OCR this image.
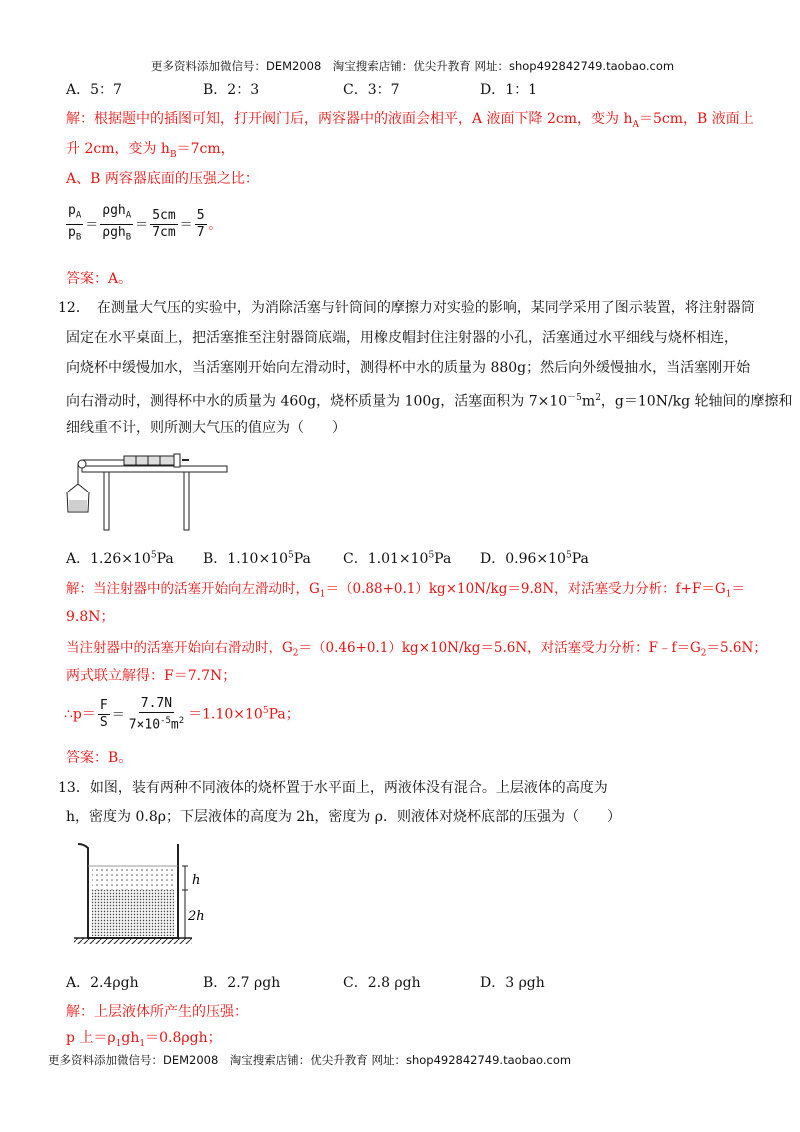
更多资料添加微信号：DEM2008　淘宝搜索店铺：优尖升教育 网址：shop492842749.taobao.com
A．5：7	B．2：3	C．3：7	D．1：1
解：根据题中的插图可知，打开阀门后，两容器中的液面会相平，A 液面下降 2cm，变为 $h_A=5cm$，B 液面上
升 2cm，变为 $h_B=7cm$，
A、B 两容器底面的压强之比：
$\frac{p_A}{p_B} = \frac{\rho gh_A}{\rho gh_B} = \frac{5cm}{7cm} = \frac{5}{7}$ 。
答案：A。
12．　在测量大气压的实验中，为消除活塞与针筒间的摩擦力对实验的影响，某同学采用了图示装置，将注射器筒
固定在水平桌面上，把活塞推至注射器筒底端，用橡皮帽封住注射器的小孔，活塞通过水平细线与烧杯相连，
向烧杯中缓慢加水，当活塞刚开始向左滑动时，测得杯中水的质量为 880g；然后向外缓慢抽水，当活塞刚开始
向右滑动时，测得杯中水的质量为 460g，烧杯质量为 100g，活塞面积为 $7\times 10^{-5}m^2$，g＝10N/kg 轮轴间的摩擦和
细线重不计，则所测大气压的值应为（　　）
A．$1.26\times 10^5Pa$ B．$1.10\times 10^5Pa$ C．$1.01\times 10^5Pa$ D．$0.96\times 10^5Pa$
解：当注射器中的活塞开始向左滑动时，$G_1=(0.88+0.1)kg\times 10N/kg=9.8N$，对活塞受力分析：$f+F=G_1=$
9.8N；
当注射器中的活塞开始向右滑动时，$G_2=(0.46+0.1)kg\times 10N/kg=5.6N$，对活塞受力分析：$F﹣f=G_2=5.6N$；
两式联立解得：F＝7.7N；
∴p＝ $\frac{F}{S} = \frac{7.7N}{7\times 10^{-5}m^2} =1.10\times 10^5Pa$；
答案：B。
13．如图，装有两种不同液体的烧杯置于水平面上，两液体没有混合。上层液体的高度为
h，密度为 0.8ρ；下层液体的高度为 2h，密度为 ρ．则液体对烧杯底部的压强为（　　）
h
2h
A．2.4ρgh	B．2.7 ρgh	C．2.8 ρgh	D．3 ρgh
解：上层液体所产生的压强：
p 上$=\rho_1gh_1=0.8\rho gh$；
更多资料添加微信号：DEM2008　淘宝搜索店铺：优尖升教育 网址：shop492842749.taobao.com
